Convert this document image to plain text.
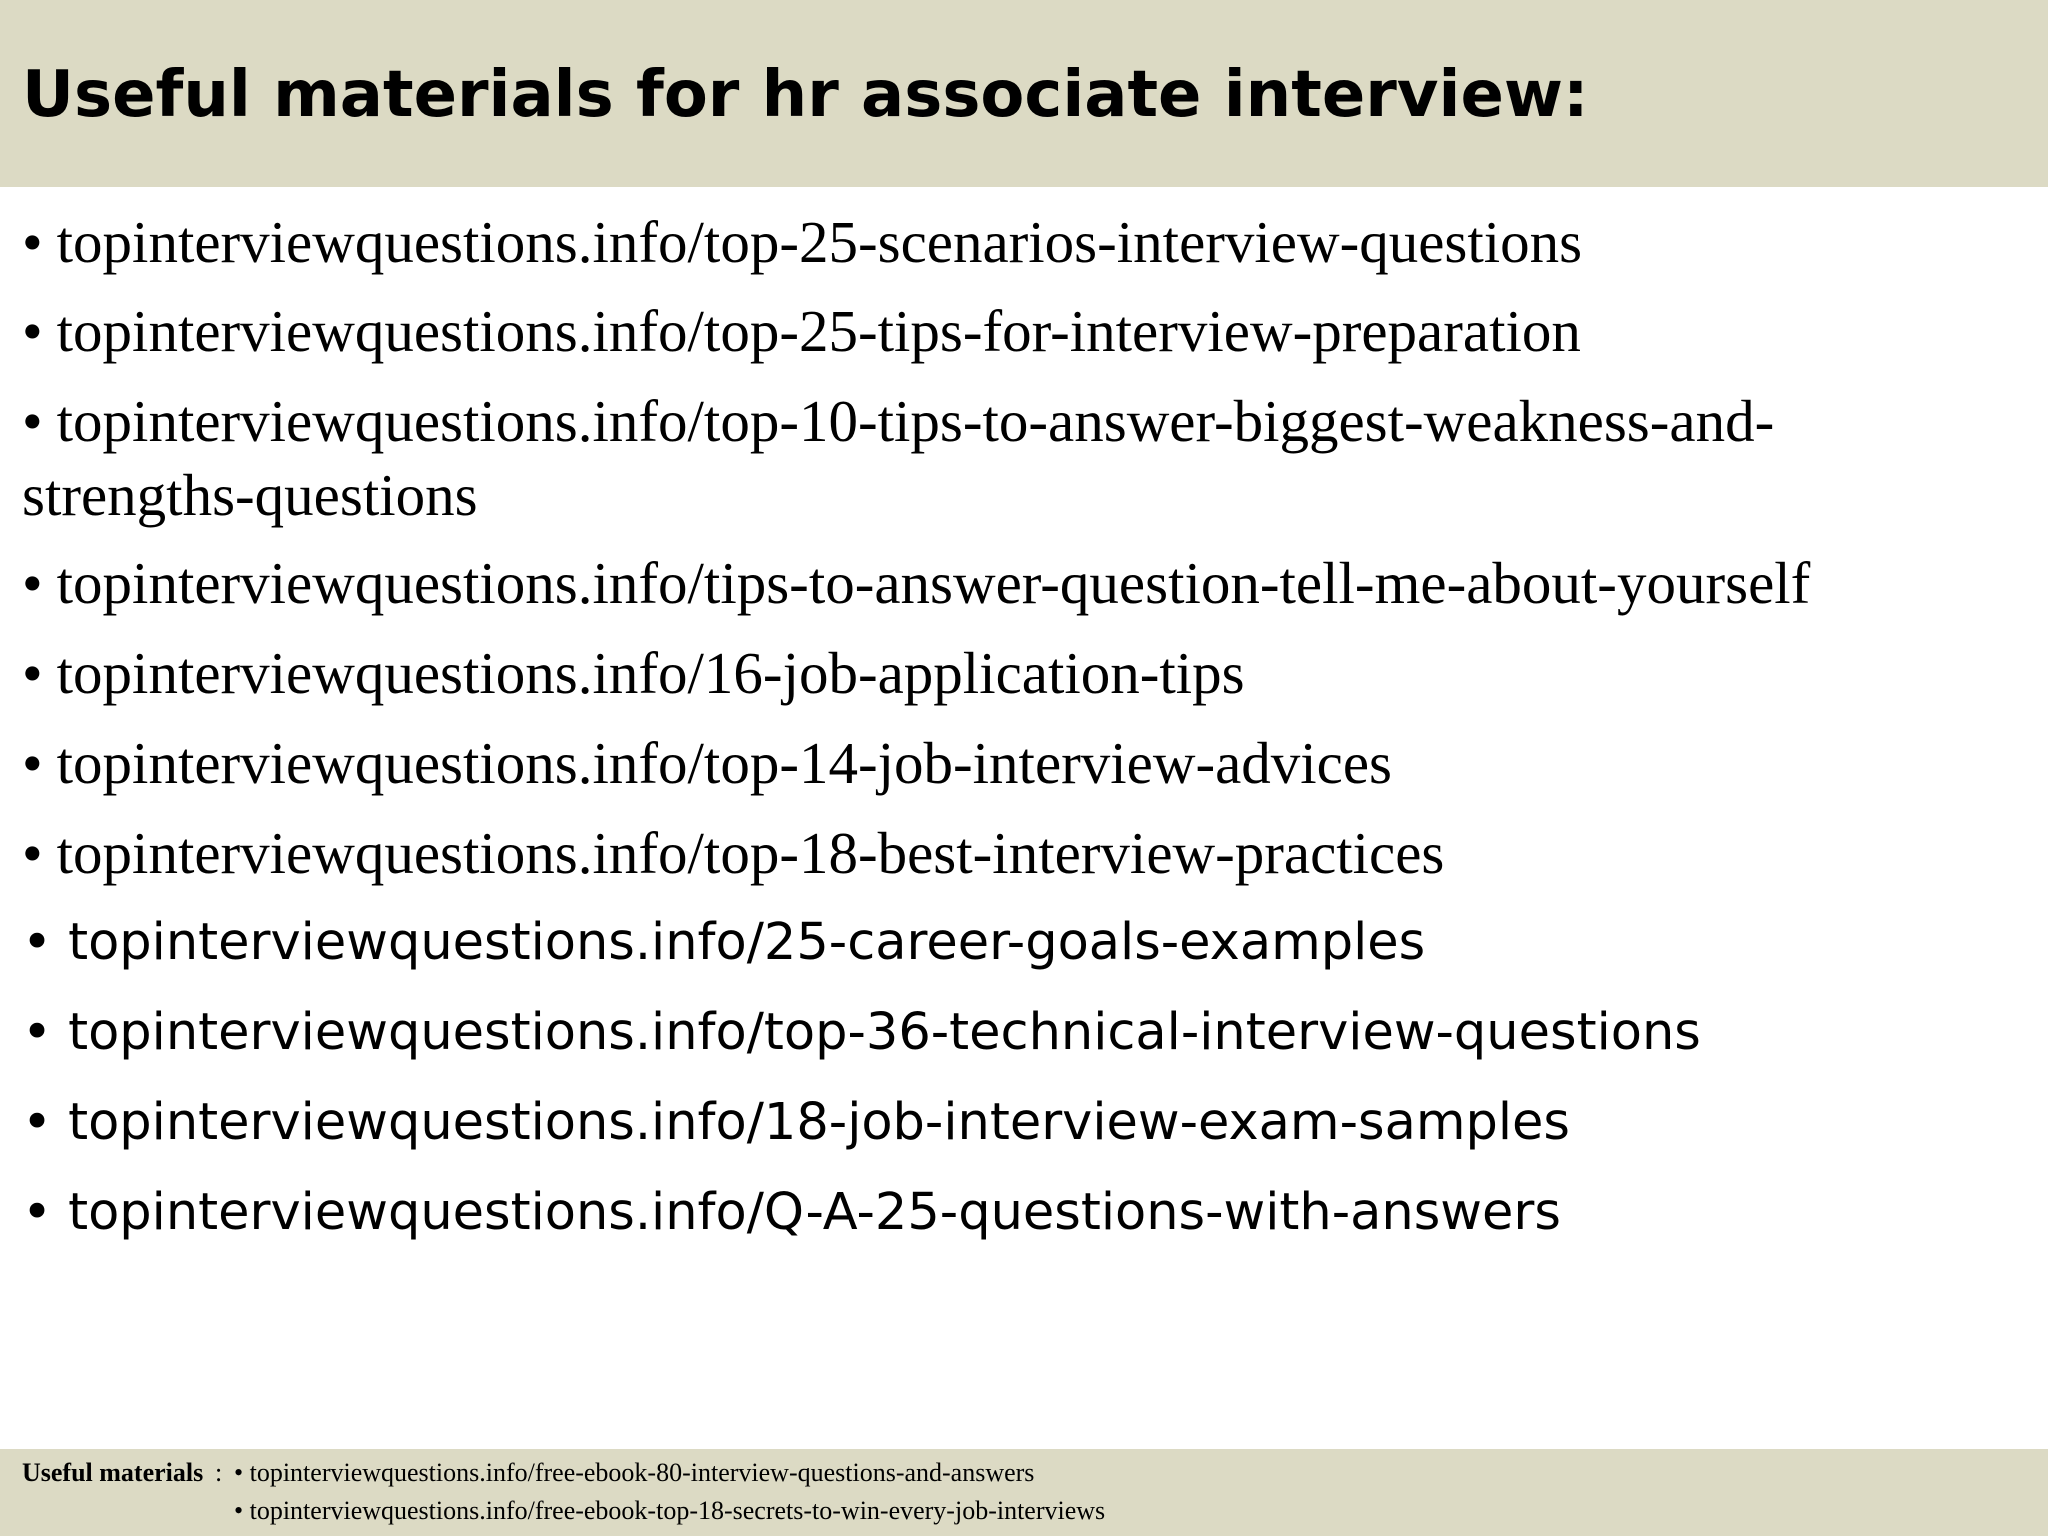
Useful materials for hr associate interview:
• topinterviewquestions.info/top-25-scenarios-interview-questions
• topinterviewquestions.info/top-25-tips-for-interview-preparation
• topinterviewquestions.info/top-10-tips-to-answer-biggest-weakness-and-
strengths-questions
• topinterviewquestions.info/tips-to-answer-question-tell-me-about-yourself
• topinterviewquestions.info/16-job-application-tips
• topinterviewquestions.info/top-14-job-interview-advices
• topinterviewquestions.info/top-18-best-interview-practices
• topinterviewquestions.info/25-career-goals-examples
• topinterviewquestions.info/top-36-technical-interview-questions
• topinterviewquestions.info/18-job-interview-exam-samples
• topinterviewquestions.info/Q-A-25-questions-with-answers
Useful materials : • topinterviewquestions.info/free-ebook-80-interview-questions-and-answers
• topinterviewquestions.info/free-ebook-top-18-secrets-to-win-every-job-interviews
